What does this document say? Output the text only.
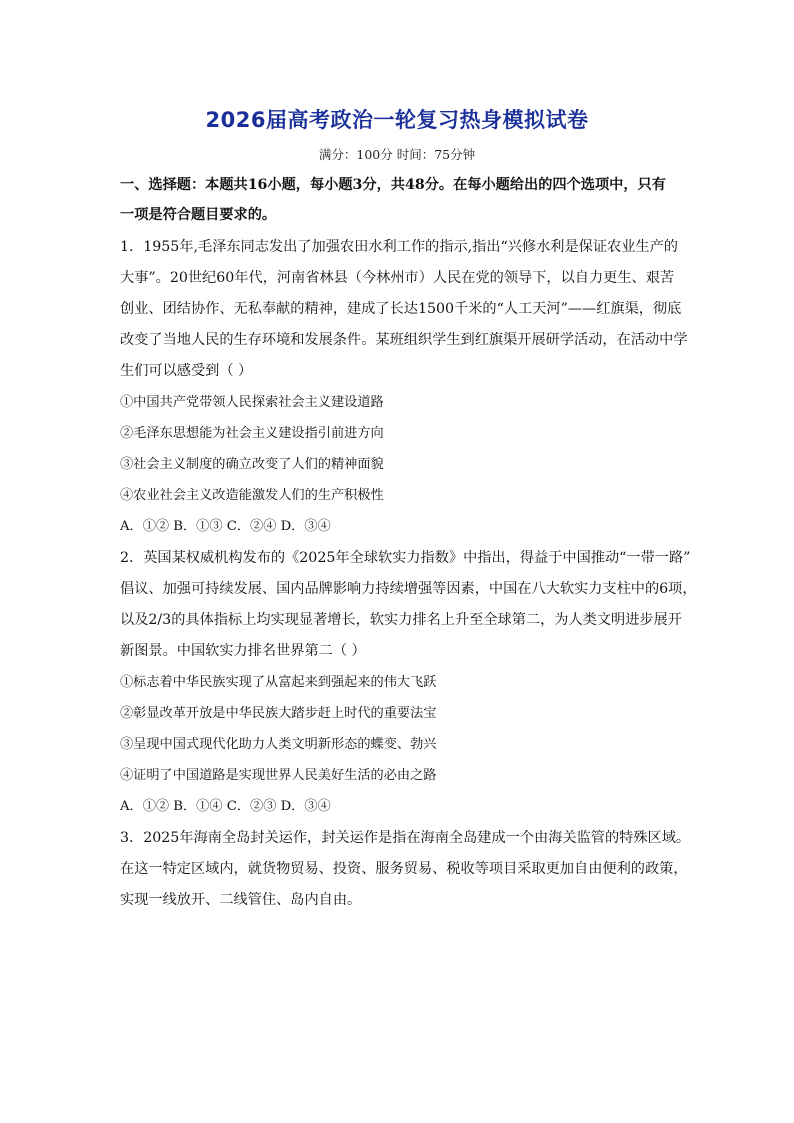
2026届高考政治一轮复习热身模拟试卷
满分：100分 时间：75分钟
一、选择题：本题共16小题，每小题3分，共48分。在每小题给出的四个选项中，只有
一项是符合题目要求的。
1．1955年,毛泽东同志发出了加强农田水利工作的指示,指出“兴修水利是保证农业生产的
大事”。20世纪60年代，河南省林县（今林州市）人民在党的领导下，以自力更生、艰苦
创业、团结协作、无私奉献的精神，建成了长达1500千米的“人工天河”——红旗渠，彻底
改变了当地人民的生存环境和发展条件。某班组织学生到红旗渠开展研学活动，在活动中学
生们可以感受到（ ）
①中国共产党带领人民探索社会主义建设道路
②毛泽东思想能为社会主义建设指引前进方向
③社会主义制度的确立改变了人们的精神面貌
④农业社会主义改造能激发人们的生产积极性
A．①② B．①③ C．②④ D．③④
2．英国某权威机构发布的《2025年全球软实力指数》中指出，得益于中国推动“一带一路”
倡议、加强可持续发展、国内品牌影响力持续增强等因素，中国在八大软实力支柱中的6项，
以及2/3的具体指标上均实现显著增长，软实力排名上升至全球第二，为人类文明进步展开
新图景。中国软实力排名世界第二（ ）
①标志着中华民族实现了从富起来到强起来的伟大飞跃
②彰显改革开放是中华民族大踏步赶上时代的重要法宝
③呈现中国式现代化助力人类文明新形态的蝶变、勃兴
④证明了中国道路是实现世界人民美好生活的必由之路
A．①② B．①④ C．②③ D．③④
3．2025年海南全岛封关运作，封关运作是指在海南全岛建成一个由海关监管的特殊区域。
在这一特定区域内，就货物贸易、投资、服务贸易、税收等项目采取更加自由便利的政策，
实现一线放开、二线管住、岛内自由。
